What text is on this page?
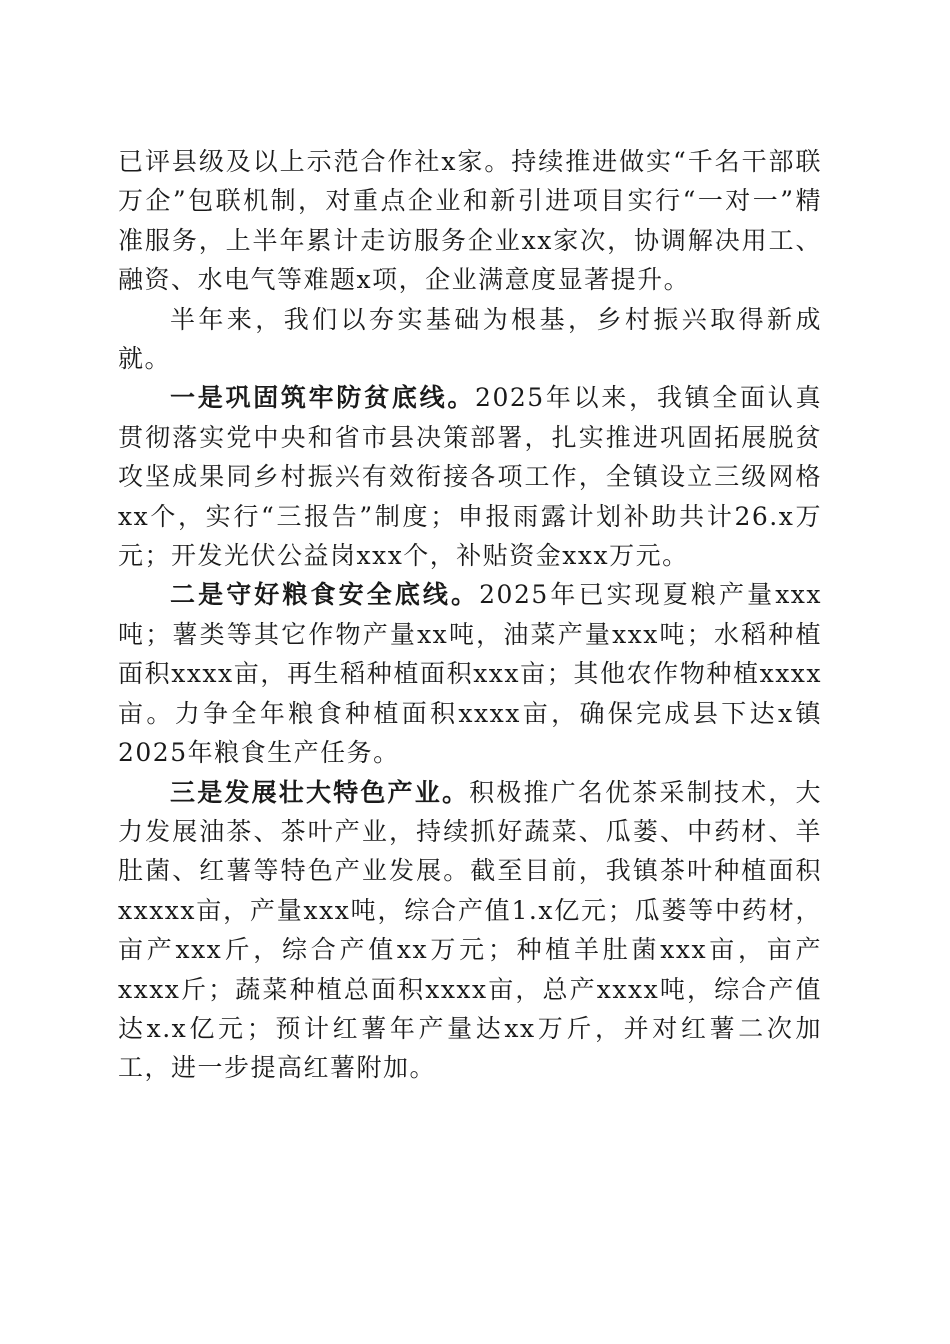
已评县级及以上示范合作社x家。持续推进做实“千名干部联万企”包联机制，对重点企业和新引进项目实行“一对一”精准服务，上半年累计走访服务企业xx家次，协调解决用工、融资、水电气等难题x项，企业满意度显著提升。

半年来，我们以夯实基础为根基，乡村振兴取得新成就。

一是巩固筑牢防贫底线。2025年以来，我镇全面认真贯彻落实党中央和省市县决策部署，扎实推进巩固拓展脱贫攻坚成果同乡村振兴有效衔接各项工作，全镇设立三级网格xx个，实行“三报告”制度；申报雨露计划补助共计26.x万元；开发光伏公益岗xxx个，补贴资金xxx万元。

二是守好粮食安全底线。2025年已实现夏粮产量xxx吨；薯类等其它作物产量xx吨，油菜产量xxx吨；水稻种植面积xxxx亩，再生稻种植面积xxx亩；其他农作物种植xxxx亩。力争全年粮食种植面积xxxx亩，确保完成县下达x镇2025年粮食生产任务。

三是发展壮大特色产业。积极推广名优茶采制技术，大力发展油茶、茶叶产业，持续抓好蔬菜、瓜蒌、中药材、羊肚菌、红薯等特色产业发展。截至目前，我镇茶叶种植面积xxxxx亩，产量xxx吨，综合产值1.x亿元；瓜蒌等中药材，亩产xxx斤，综合产值xx万元；种植羊肚菌xxx亩，亩产xxxx斤；蔬菜种植总面积xxxx亩，总产xxxx吨，综合产值达x.x亿元；预计红薯年产量达xx万斤，并对红薯二次加工，进一步提高红薯附加。
